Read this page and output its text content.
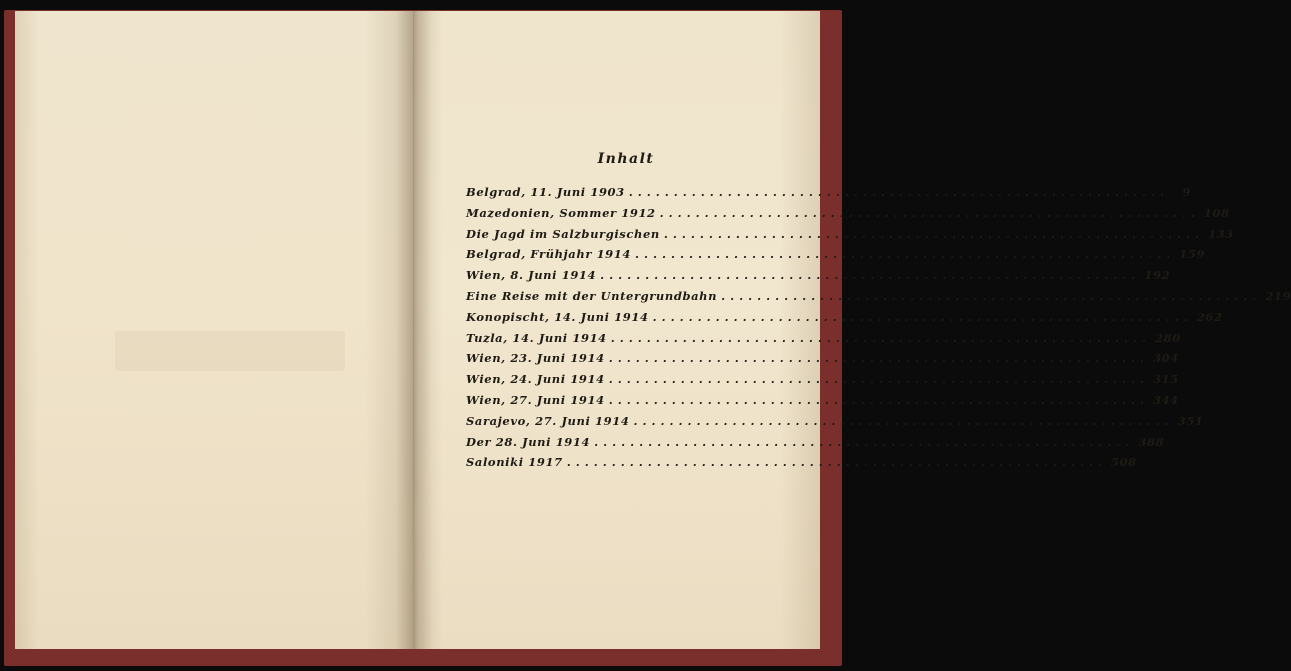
Inhalt
Belgrad, 11. Juni 1903 ............................................................	9
Mazedonien, Sommer 1912 ............................................................ 108
Die Jagd im Salzburgischen ............................................................ 133
Belgrad, Frühjahr 1914 ............................................................ 159
Wien, 8. Juni 1914 ............................................................ 192
Eine Reise mit der Untergrundbahn ............................................................ 219
Konopischt, 14. Juni 1914 ............................................................ 262
Tuzla, 14. Juni 1914 ............................................................ 280
Wien, 23. Juni 1914 ............................................................ 304
Wien, 24. Juni 1914 ............................................................ 315
Wien, 27. Juni 1914 ............................................................ 344
Sarajevo, 27. Juni 1914 ............................................................ 351
Der 28. Juni 1914 ............................................................ 388
Saloniki 1917 ............................................................ 508
